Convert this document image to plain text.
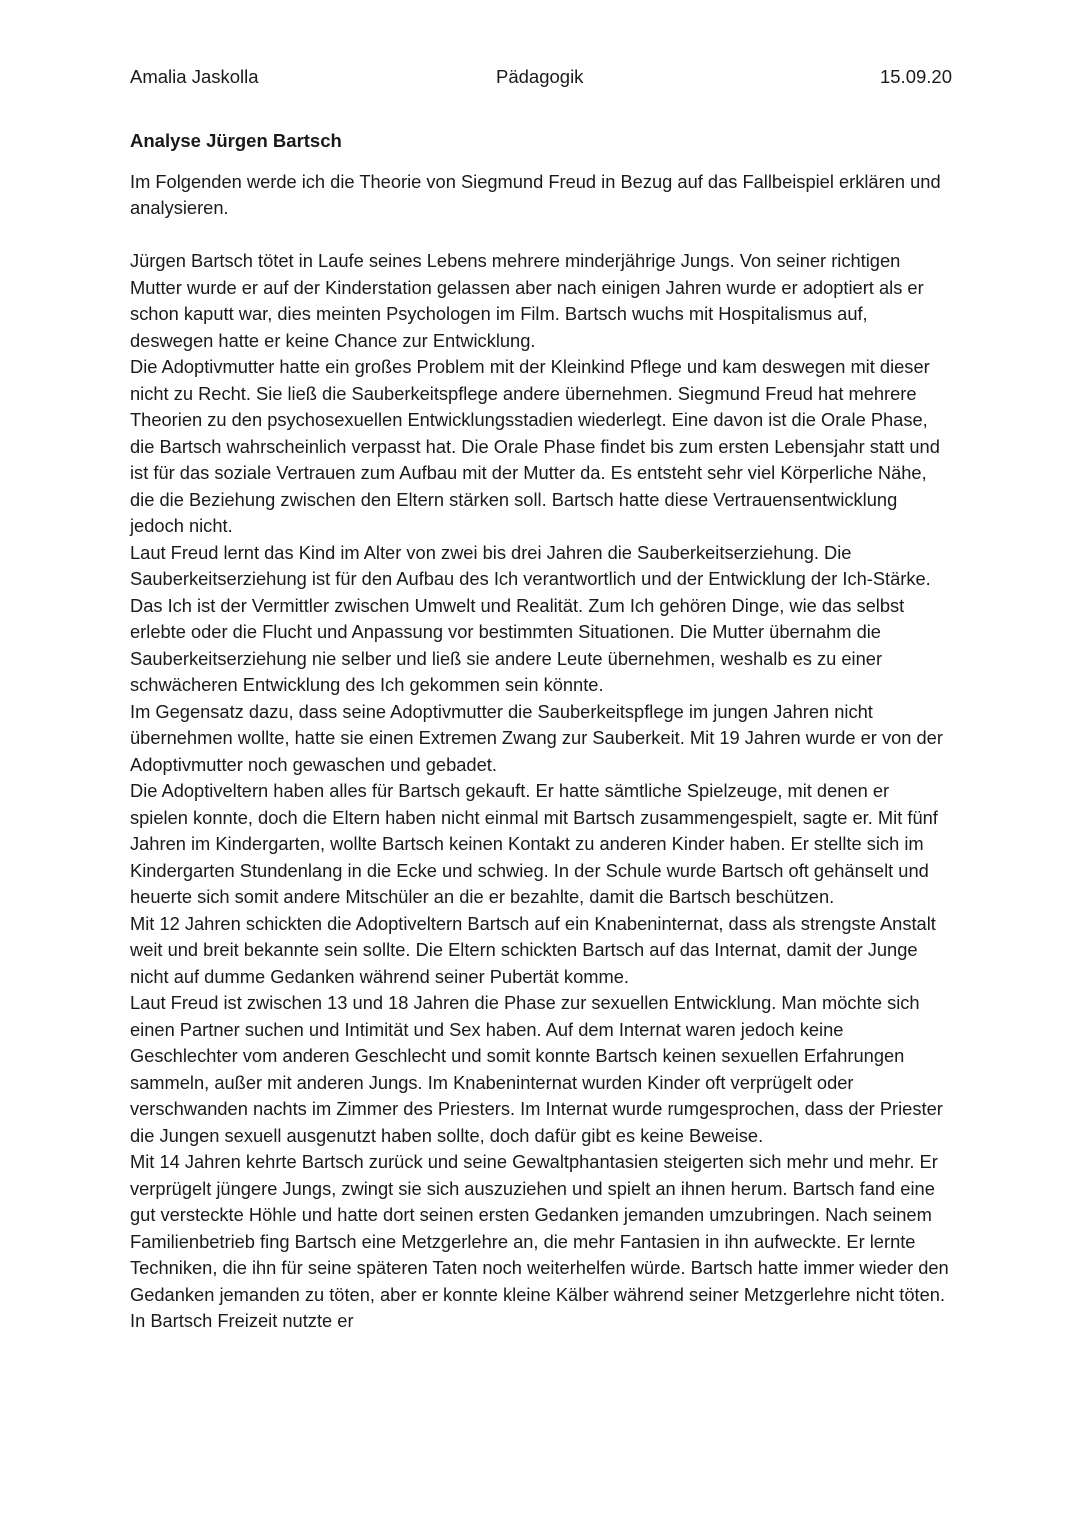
Amalia Jaskolla	Pädagogik	15.09.20
Analyse Jürgen Bartsch

Im Folgenden werde ich die Theorie von Siegmund Freud in Bezug auf das Fallbeispiel erklären und analysieren.

Jürgen Bartsch tötet in Laufe seines Lebens mehrere minderjährige Jungs. Von seiner richtigen Mutter wurde er auf der Kinderstation gelassen aber nach einigen Jahren wurde er adoptiert als er schon kaputt war, dies meinten Psychologen im Film. Bartsch wuchs mit Hospitalismus auf, deswegen hatte er keine Chance zur Entwicklung.

Die Adoptivmutter hatte ein großes Problem mit der Kleinkind Pflege und kam deswegen mit dieser nicht zu Recht. Sie ließ die Sauberkeitspflege andere übernehmen. Siegmund Freud hat mehrere Theorien zu den psychosexuellen Entwicklungsstadien wiederlegt. Eine davon ist die Orale Phase, die Bartsch wahrscheinlich verpasst hat. Die Orale Phase findet bis zum ersten Lebensjahr statt und ist für das soziale Vertrauen zum Aufbau mit der Mutter da. Es entsteht sehr viel Körperliche Nähe, die die Beziehung zwischen den Eltern stärken soll. Bartsch hatte diese Vertrauensentwicklung jedoch nicht.

Laut Freud lernt das Kind im Alter von zwei bis drei Jahren die Sauberkeitserziehung. Die Sauberkeitserziehung ist für den Aufbau des Ich verantwortlich und der Entwicklung der Ich-Stärke. Das Ich ist der Vermittler zwischen Umwelt und Realität. Zum Ich gehören Dinge, wie das selbst erlebte oder die Flucht und Anpassung vor bestimmten Situationen. Die Mutter übernahm die Sauberkeitserziehung nie selber und ließ sie andere Leute übernehmen, weshalb es zu einer schwächeren Entwicklung des Ich gekommen sein könnte.

Im Gegensatz dazu, dass seine Adoptivmutter die Sauberkeitspflege im jungen Jahren nicht übernehmen wollte, hatte sie einen Extremen Zwang zur Sauberkeit. Mit 19 Jahren wurde er von der Adoptivmutter noch gewaschen und gebadet.

Die Adoptiveltern haben alles für Bartsch gekauft. Er hatte sämtliche Spielzeuge, mit denen er spielen konnte, doch die Eltern haben nicht einmal mit Bartsch zusammengespielt, sagte er. Mit fünf Jahren im Kindergarten, wollte Bartsch keinen Kontakt zu anderen Kinder haben. Er stellte sich im Kindergarten Stundenlang in die Ecke und schwieg. In der Schule wurde Bartsch oft gehänselt und heuerte sich somit andere Mitschüler an die er bezahlte, damit die Bartsch beschützen.

Mit 12 Jahren schickten die Adoptiveltern Bartsch auf ein Knabeninternat, dass als strengste Anstalt weit und breit bekannte sein sollte. Die Eltern schickten Bartsch auf das Internat, damit der Junge nicht auf dumme Gedanken während seiner Pubertät komme.

Laut Freud ist zwischen 13 und 18 Jahren die Phase zur sexuellen Entwicklung. Man möchte sich einen Partner suchen und Intimität und Sex haben. Auf dem Internat waren jedoch keine Geschlechter vom anderen Geschlecht und somit konnte Bartsch keinen sexuellen Erfahrungen sammeln, außer mit anderen Jungs. Im Knabeninternat wurden Kinder oft verprügelt oder verschwanden nachts im Zimmer des Priesters. Im Internat wurde rumgesprochen, dass der Priester die Jungen sexuell ausgenutzt haben sollte, doch dafür gibt es keine Beweise.

Mit 14 Jahren kehrte Bartsch zurück und seine Gewaltphantasien steigerten sich mehr und mehr. Er verprügelt jüngere Jungs, zwingt sie sich auszuziehen und spielt an ihnen herum. Bartsch fand eine gut versteckte Höhle und hatte dort seinen ersten Gedanken jemanden umzubringen. Nach seinem Familienbetrieb fing Bartsch eine Metzgerlehre an, die mehr Fantasien in ihn aufweckte. Er lernte Techniken, die ihn für seine späteren Taten noch weiterhelfen würde. Bartsch hatte immer wieder den Gedanken jemanden zu töten, aber er konnte kleine Kälber während seiner Metzgerlehre nicht töten. In Bartsch Freizeit nutzte er
